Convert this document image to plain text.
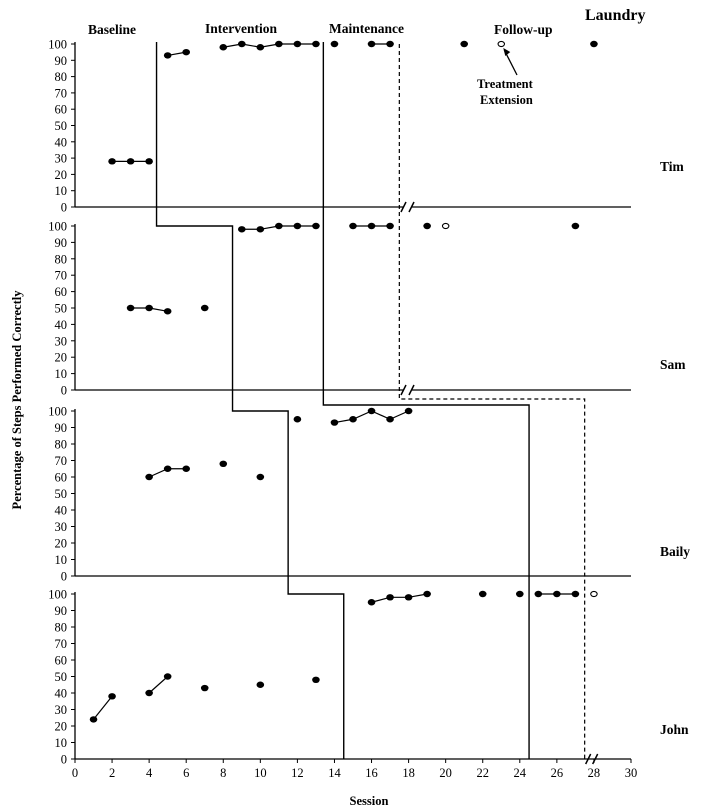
0
10
20
30
40
50
60
70
80
90
100
0
10
20
30
40
50
60
70
80
90
100
0
10
20
30
40
50
60
70
80
90
100
0
10
20
30
40
50
60
70
80
90
100
0 2 4 6 8 10 12 14 16 18 20 22 24 26 28 30
Laundry
Baseline	Intervention	Maintenance	Follow-up
Treatment
Extension
Tim
Sam
Baily
John
Session
Percentage of Steps Performed Correctly
